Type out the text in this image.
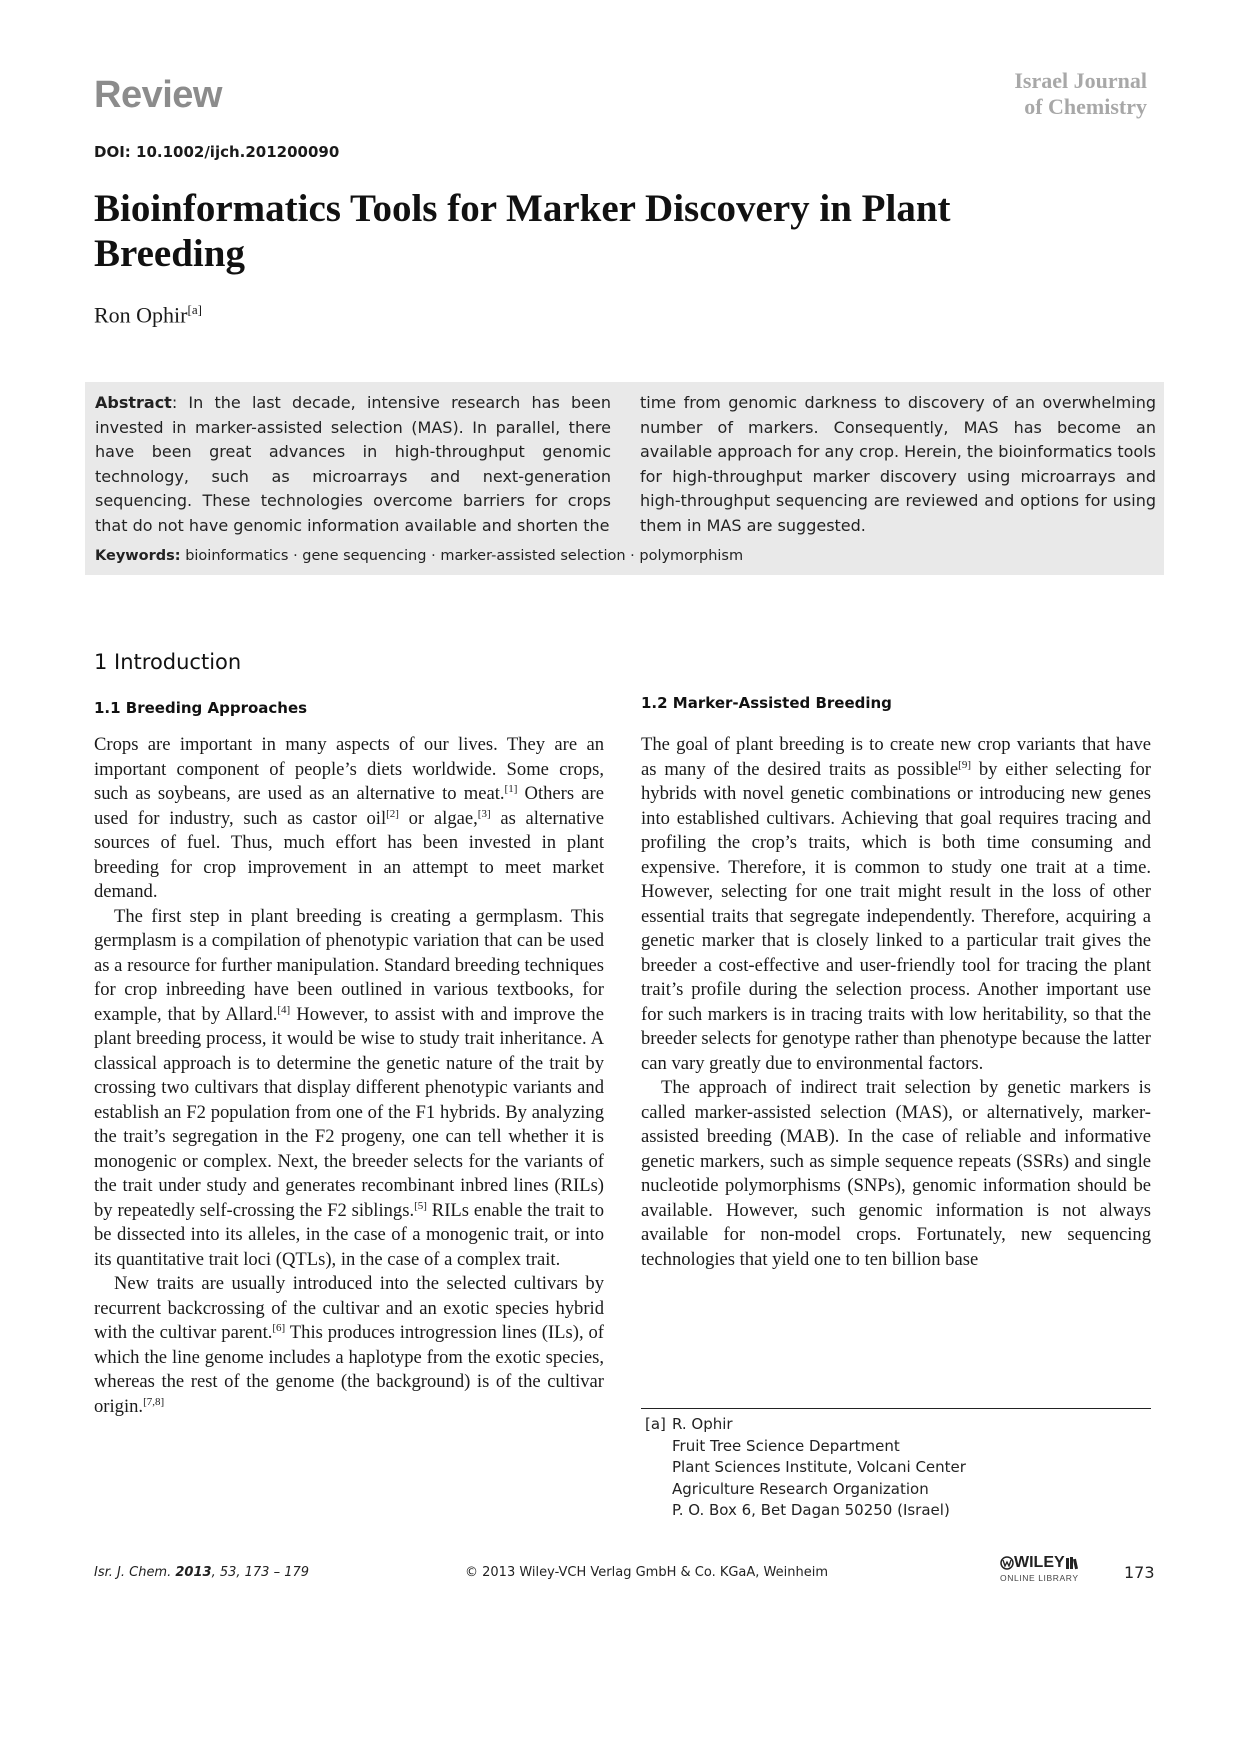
Review	Israel Journal
of Chemistry
DOI: 10.1002/ijch.201200090
Bioinformatics Tools for Marker Discovery in Plant Breeding
Ron Ophir[a]
Abstract: In the last decade, intensive research has been invested in marker-assisted selection (MAS). In parallel, there have been great advances in high-throughput genomic technology, such as microarrays and next-generation sequencing. These technologies overcome barriers for crops that do not have genomic information available and shorten the
time from genomic darkness to discovery of an overwhelming number of markers. Consequently, MAS has become an available approach for any crop. Herein, the bioinformatics tools for high-throughput marker discovery using microarrays and high-throughput sequencing are reviewed and options for using them in MAS are suggested.
Keywords: bioinformatics · gene sequencing · marker-assisted selection · polymorphism
1 Introduction
1.1 Breeding Approaches	1.2 Marker-Assisted Breeding

Crops are important in many aspects of our lives. They are an important component of people’s diets worldwide. Some crops, such as soybeans, are used as an alternative to meat.[1] Others are used for industry, such as castor oil[2] or algae,[3] as alternative sources of fuel. Thus, much effort has been invested in plant breeding for crop improvement in an attempt to meet market demand.

The first step in plant breeding is creating a germplasm. This germplasm is a compilation of phenotypic variation that can be used as a resource for further manipulation. Standard breeding techniques for crop inbreeding have been outlined in various textbooks, for example, that by Allard.[4] However, to assist with and improve the plant breeding process, it would be wise to study trait inheritance. A classical approach is to determine the genetic nature of the trait by crossing two cultivars that display different phenotypic variants and establish an F2 population from one of the F1 hybrids. By analyzing the trait’s segregation in the F2 progeny, one can tell whether it is monogenic or complex. Next, the breeder selects for the variants of the trait under study and generates recombinant inbred lines (RILs) by repeatedly self-crossing the F2 siblings.[5] RILs enable the trait to be dissected into its alleles, in the case of a monogenic trait, or into its quantitative trait loci (QTLs), in the case of a complex trait.

New traits are usually introduced into the selected cultivars by recurrent backcrossing of the cultivar and an exotic species hybrid with the cultivar parent.[6] This produces introgression lines (ILs), of which the line genome includes a haplotype from the exotic species, whereas the rest of the genome (the background) is of the cultivar origin.[7,8]

The goal of plant breeding is to create new crop variants that have as many of the desired traits as possible[9] by either selecting for hybrids with novel genetic combinations or introducing new genes into established cultivars. Achieving that goal requires tracing and profiling the crop’s traits, which is both time consuming and expensive. Therefore, it is common to study one trait at a time. However, selecting for one trait might result in the loss of other essential traits that segregate independently. Therefore, acquiring a genetic marker that is closely linked to a particular trait gives the breeder a cost-effective and user-friendly tool for tracing the plant trait’s profile during the selection process. Another important use for such markers is in tracing traits with low heritability, so that the breeder selects for genotype rather than phenotype because the latter can vary greatly due to environmental factors.

The approach of indirect trait selection by genetic markers is called marker-assisted selection (MAS), or alternatively, marker-assisted breeding (MAB). In the case of reliable and informative genetic markers, such as simple sequence repeats (SSRs) and single nucleotide polymorphisms (SNPs), genomic information should be available. However, such genomic information is not always available for non-model crops. Fortunately, new sequencing technologies that yield one to ten billion base

[a] R. Ophir
Fruit Tree Science Department
Plant Sciences Institute, Volcani Center
Agriculture Research Organization
P. O. Box 6, Bet Dagan 50250 (Israel)
Isr. J. Chem. 2013, 53, 173 – 179	© 2013 Wiley-VCH Verlag GmbH & Co. KGaA, Weinheim
WILEY
ONLINE LIBRARY	173
